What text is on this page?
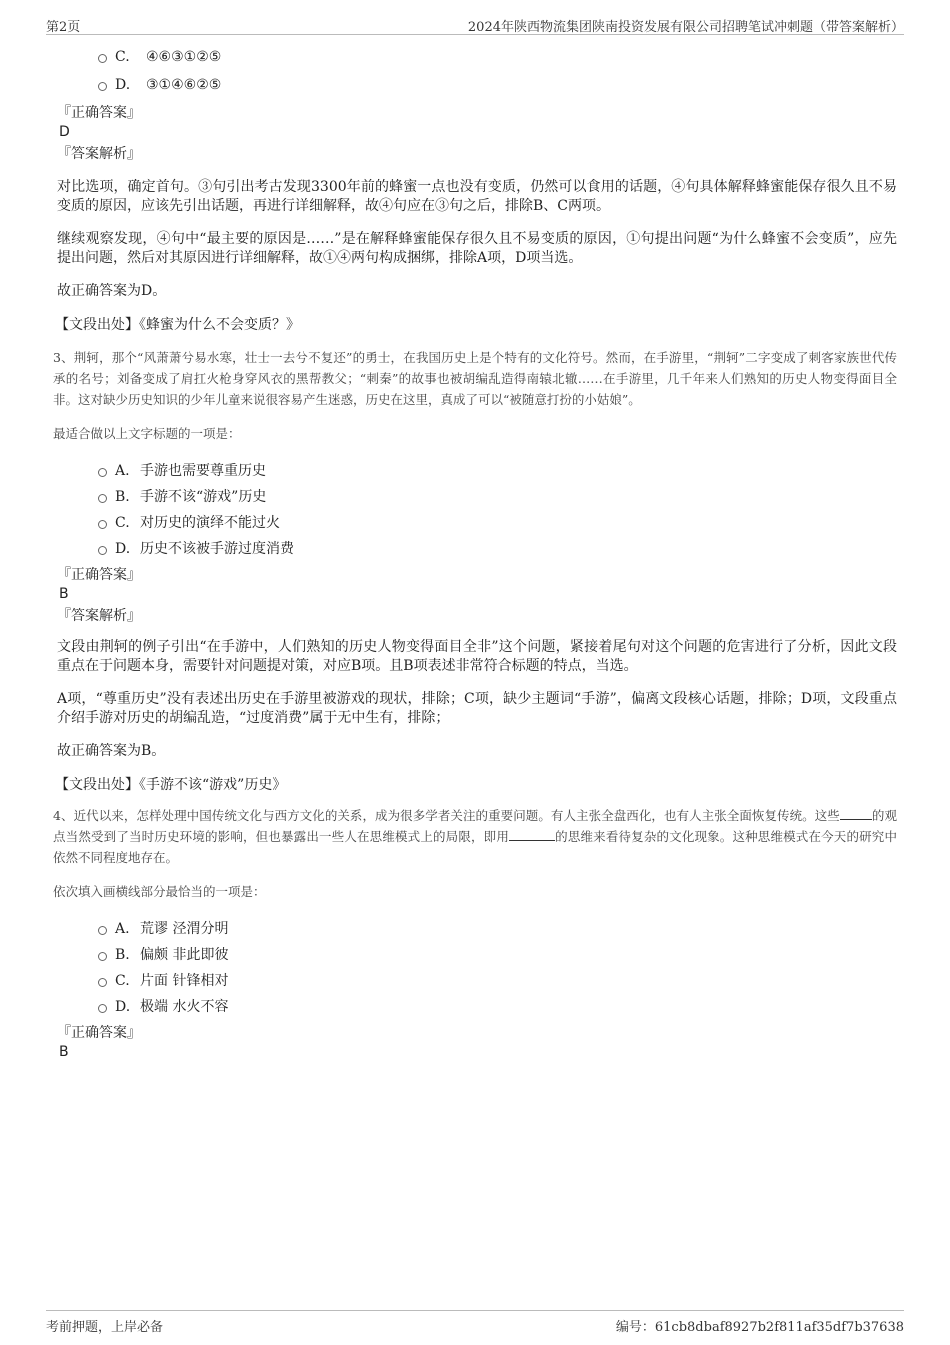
第2页	2024年陕西物流集团陕南投资发展有限公司招聘笔试冲刺题（带答案解析）
C. ④⑥③①②⑤
D. ③①④⑥②⑤
『正确答案』
D
『答案解析』

对比选项，确定首句。③句引出考古发现3300年前的蜂蜜一点也没有变质，仍然可以食用的话题，④句具体解释蜂蜜能保存很久且不易变质的原因，应该先引出话题，再进行详细解释，故④句应在③句之后，排除B、C两项。

继续观察发现，④句中“最主要的原因是……”是在解释蜂蜜能保存很久且不易变质的原因，①句提出问题“为什么蜂蜜不会变质”，应先提出问题，然后对其原因进行详细解释，故①④两句构成捆绑，排除A项，D项当选。

故正确答案为D。

【文段出处】《蜂蜜为什么不会变质？》

3、荆轲，那个“风萧萧兮易水寒，壮士一去兮不复还”的勇士，在我国历史上是个特有的文化符号。然而，在手游里，“荆轲”二字变成了刺客家族世代传承的名号；刘备变成了肩扛火枪身穿风衣的黑帮教父；“刺秦”的故事也被胡编乱造得南辕北辙……在手游里，几千年来人们熟知的历史人物变得面目全非。这对缺少历史知识的少年儿童来说很容易产生迷惑，历史在这里，真成了可以“被随意打扮的小姑娘”。

最适合做以上文字标题的一项是：

A. 手游也需要尊重历史
B. 手游不该“游戏”历史
C. 对历史的演绎不能过火
D. 历史不该被手游过度消费
『正确答案』
B
『答案解析』

文段由荆轲的例子引出“在手游中，人们熟知的历史人物变得面目全非”这个问题，紧接着尾句对这个问题的危害进行了分析，因此文段重点在于问题本身，需要针对问题提对策，对应B项。且B项表述非常符合标题的特点，当选。

A项，“尊重历史”没有表述出历史在手游里被游戏的现状，排除；C项，缺少主题词“手游”，偏离文段核心话题，排除；D项，文段重点介绍手游对历史的胡编乱造，“过度消费”属于无中生有，排除；

故正确答案为B。

【文段出处】《手游不该“游戏”历史》

4、近代以来，怎样处理中国传统文化与西方文化的关系，成为很多学者关注的重要问题。有人主张全盘西化，也有人主张全面恢复传统。这些	的观点当然受到了当时历史环境的影响，但也暴露出一些人在思维模式上的局限，即用	的思维来看待复杂的文化现象。这种思维模式在今天的研究中依然不同程度地存在。

依次填入画横线部分最恰当的一项是：

A. 荒谬 泾渭分明
B. 偏颇 非此即彼
C. 片面 针锋相对
D. 极端 水火不容
『正确答案』
B
考前押题，上岸必备	编号：61cb8dbaf8927b2f811af35df7b37638
